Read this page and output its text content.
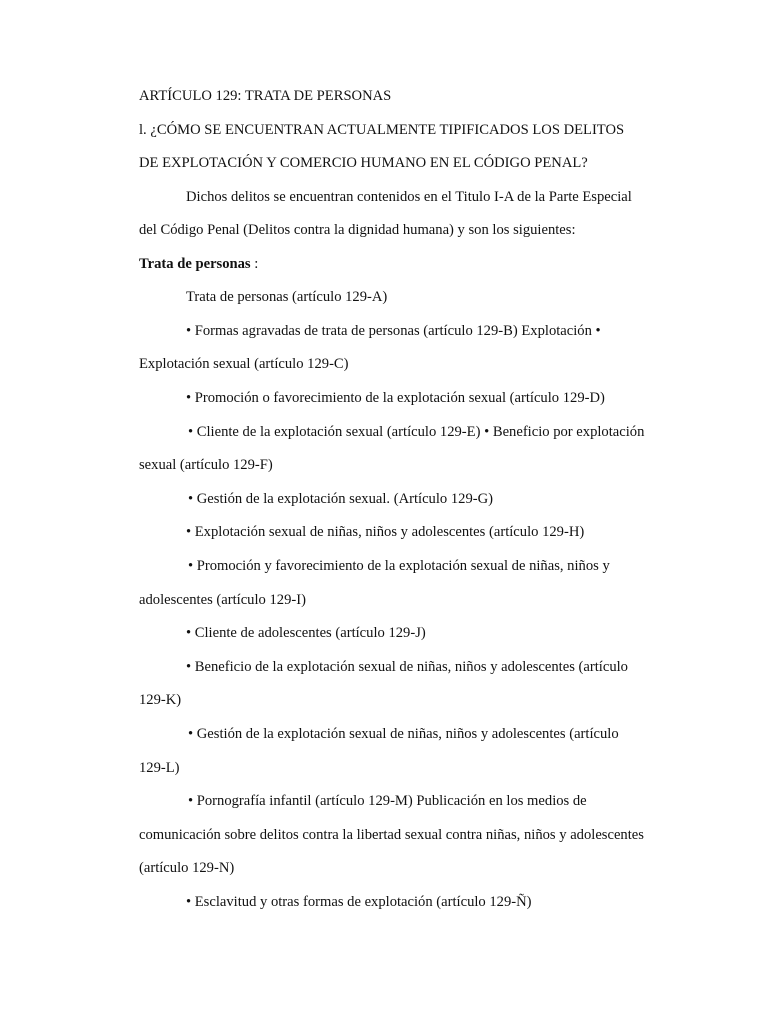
ARTÍCULO 129: TRATA DE PERSONAS
l. ¿CÓMO SE ENCUENTRAN ACTUALMENTE TIPIFICADOS LOS DELITOS
DE EXPLOTACIÓN Y COMERCIO HUMANO EN EL CÓDIGO PENAL?
Dichos delitos se encuentran contenidos en el Titulo I-A de la Parte Especial
del Código Penal (Delitos contra la dignidad humana) y son los siguientes:
Trata de personas :
Trata de personas (artículo 129-A)
• Formas agravadas de trata de personas (artículo 129-B) Explotación •
Explotación sexual (artículo 129-C)
• Promoción o favorecimiento de la explotación sexual (artículo 129-D)
• Cliente de la explotación sexual (artículo 129-E) • Beneficio por explotación
sexual (artículo 129-F)
• Gestión de la explotación sexual. (Artículo 129-G)
• Explotación sexual de niñas, niños y adolescentes (artículo 129-H)
• Promoción y favorecimiento de la explotación sexual de niñas, niños y
adolescentes (artículo 129-I)
• Cliente de adolescentes (artículo 129-J)
• Beneficio de la explotación sexual de niñas, niños y adolescentes (artículo
129-K)
• Gestión de la explotación sexual de niñas, niños y adolescentes (artículo
129-L)
• Pornografía infantil (artículo 129-M) Publicación en los medios de
comunicación sobre delitos contra la libertad sexual contra niñas, niños y adolescentes
(artículo 129-N)
• Esclavitud y otras formas de explotación (artículo 129-Ñ)
